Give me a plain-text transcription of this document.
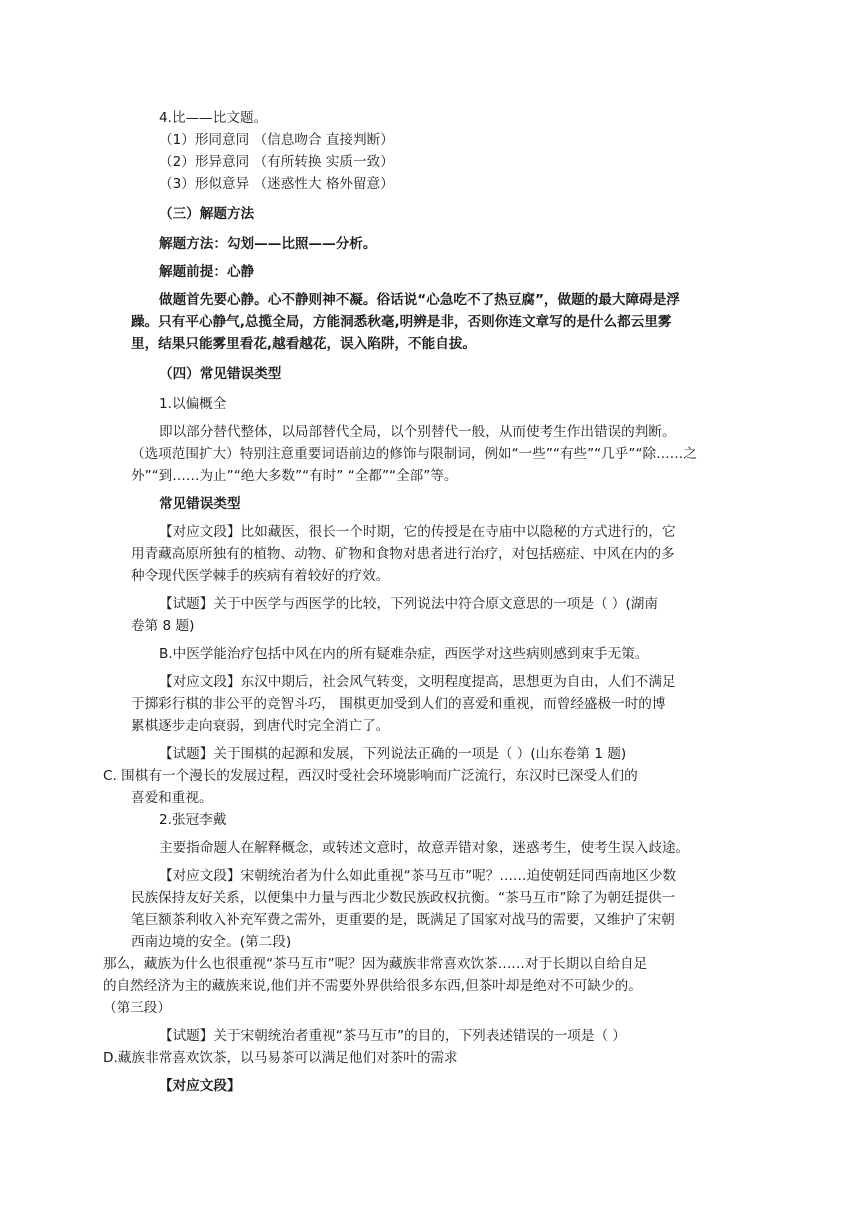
4.比——比文题。

（1）形同意同 （信息吻合 直接判断）

（2）形异意同 （有所转换 实质一致）

（3）形似意异 （迷惑性大 格外留意）

（三）解题方法

解题方法：勾划——比照——分析。

解题前提：心静

做题首先要心静。心不静则神不凝。俗话说“心急吃不了热豆腐”，做题的最大障碍是浮

躁。只有平心静气,总揽全局，方能洞悉秋毫,明辨是非，否则你连文章写的是什么都云里雾

里，结果只能雾里看花,越看越花，误入陷阱，不能自拔。

（四）常见错误类型

1.以偏概全

即以部分替代整体，以局部替代全局，以个别替代一般，从而使考生作出错误的判断。

（选项范围扩大）特别注意重要词语前边的修饰与限制词，例如“一些”“有些”“几乎”“除……之

外”“到……为止”“绝大多数”“有时” “全都”“全部”等。

常见错误类型

【对应文段】比如藏医，很长一个时期，它的传授是在寺庙中以隐秘的方式进行的，它

用青藏高原所独有的植物、动物、矿物和食物对患者进行治疗，对包括癌症、中风在内的多

种令现代医学棘手的疾病有着较好的疗效。

【试题】关于中医学与西医学的比较，下列说法中符合原文意思的一项是（ ）(湖南

卷第 8 题)

B.中医学能治疗包括中风在内的所有疑难杂症，西医学对这些病则感到束手无策。

【对应文段】东汉中期后，社会风气转变，文明程度提高，思想更为自由，人们不满足

于掷彩行棋的非公平的竞智斗巧， 围棋更加受到人们的喜爱和重视，而曾经盛极一时的博

累棋逐步走向衰弱，到唐代时完全消亡了。

【试题】关于围棋的起源和发展，下列说法正确的一项是（ ）(山东卷第 1 题)

C. 围棋有一个漫长的发展过程，西汉时受社会环境影响而广泛流行，东汉时已深受人们的

喜爱和重视。

2.张冠李戴

主要指命题人在解释概念，或转述文意时，故意弄错对象，迷惑考生，使考生误入歧途。

【对应文段】宋朝统治者为什么如此重视“茶马互市”呢？……迫使朝廷同西南地区少数

民族保持友好关系，以便集中力量与西北少数民族政权抗衡。“茶马互市”除了为朝廷提供一

笔巨额茶利收入补充军费之需外，更重要的是，既满足了国家对战马的需要，又维护了宋朝

西南边境的安全。(第二段)

那么，藏族为什么也很重视“茶马互市”呢？因为藏族非常喜欢饮茶……对于长期以自给自足

的自然经济为主的藏族来说,他们并不需要外界供给很多东西,但茶叶却是绝对不可缺少的。

（第三段）

【试题】关于宋朝统治者重视“茶马互市”的目的，下列表述错误的一项是（ ）

D.藏族非常喜欢饮茶，以马易茶可以满足他们对茶叶的需求

【对应文段】
